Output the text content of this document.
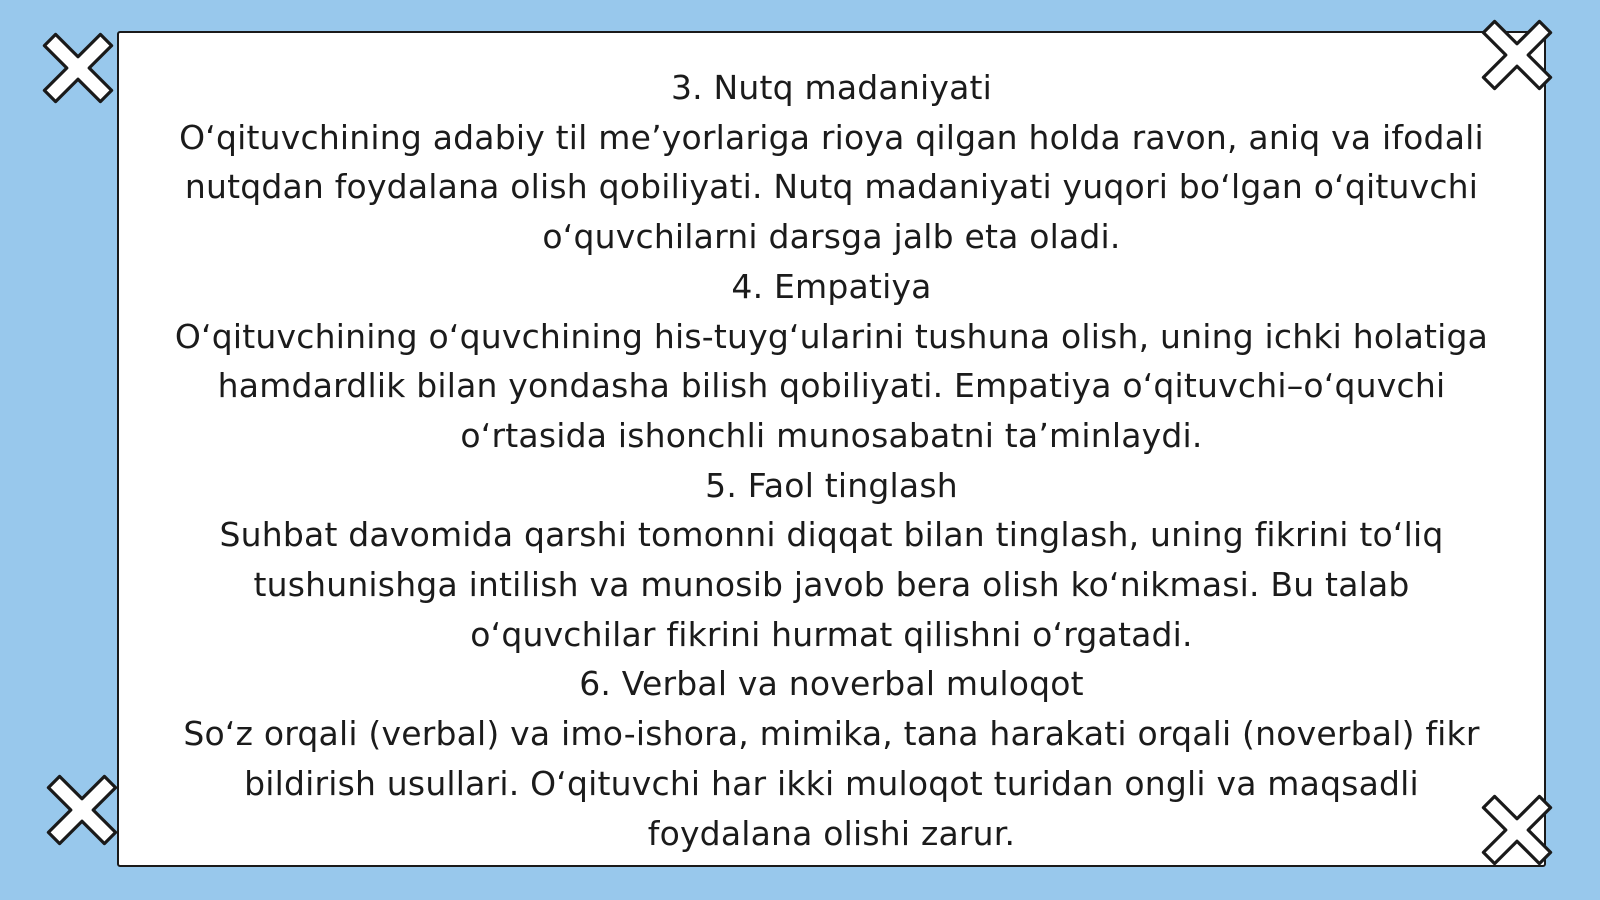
3. Nutq madaniyati

O‘qituvchining adabiy til me’yorlariga rioya qilgan holda ravon, aniq va ifodali nutqdan foydalana olish qobiliyati. Nutq madaniyati yuqori bo‘lgan o‘qituvchi o‘quvchilarni darsga jalb eta oladi.

4. Empatiya

O‘qituvchining o‘quvchining his-tuyg‘ularini tushuna olish, uning ichki holatiga hamdardlik bilan yondasha bilish qobiliyati. Empatiya o‘qituvchi–o‘quvchi o‘rtasida ishonchli munosabatni ta’minlaydi.

5. Faol tinglash

Suhbat davomida qarshi tomonni diqqat bilan tinglash, uning fikrini to‘liq tushunishga intilish va munosib javob bera olish ko‘nikmasi. Bu talab o‘quvchilar fikrini hurmat qilishni o‘rgatadi.

6. Verbal va noverbal muloqot

So‘z orqali (verbal) va imo-ishora, mimika, tana harakati orqali (noverbal) fikr bildirish usullari. O‘qituvchi har ikki muloqot turidan ongli va maqsadli foydalana olishi zarur.
